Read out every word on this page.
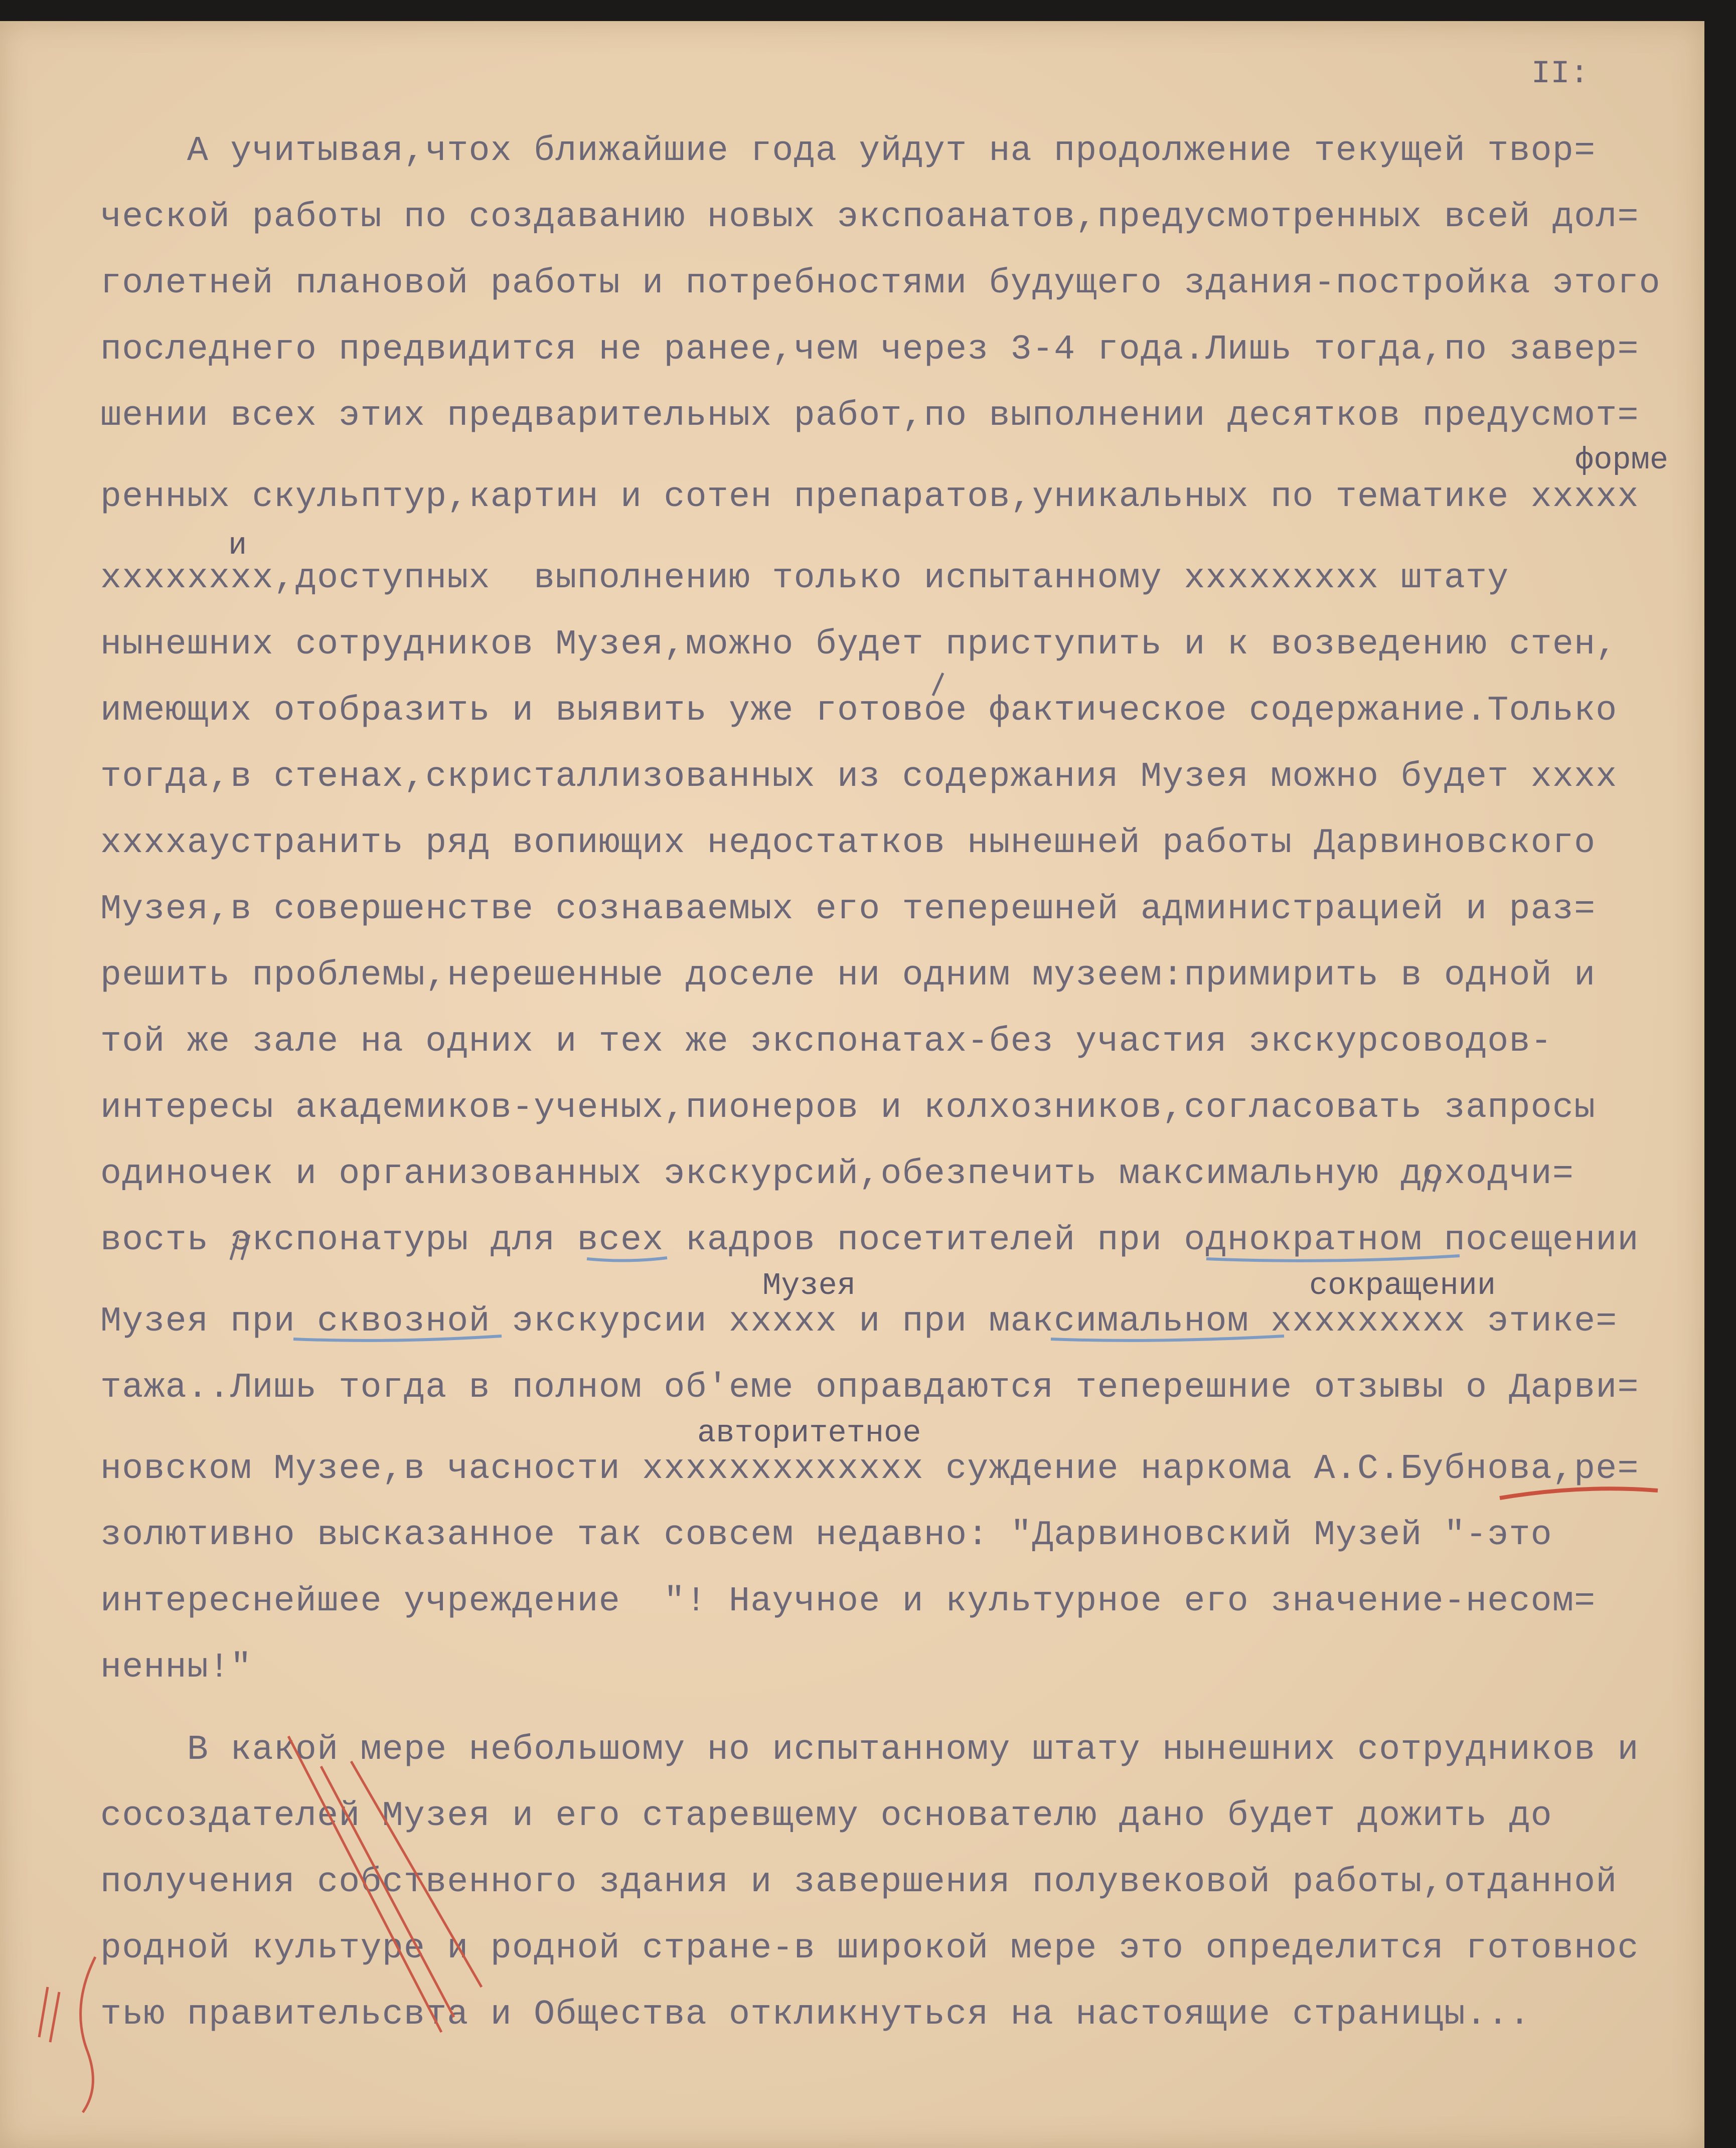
II:
А учитывая,чтоx ближайшие года уйдут на продолжение текущей твор=
ческой работы по создаванию новых экспоанатов,предусмотренных всей дол=
голетней плановой работы и потребностями будущего здания-постройка этого
последнего предвидится не ранее,чем через 3-4 года.Лишь тогда,по завер=
шении всех этих предварительных работ,по выполнении десятков предусмот=
ренных скульптур,картин и сотен препаратов,уникальных по тематике xxxxx
xxxxxxxx,доступных  выполнению только испытанному xxxxxxxxx штату
нынешних сотрудников Музея,можно будет приступить и к возведению стен,
имеющих отобразить и выявить уже готовое фактическое содержание.Только
тогда,в стенах,скристаллизованных из содержания Музея можно будет xxxx
xxxxаустранить ряд вопиющих недостатков нынешней работы Дарвиновского
Музея,в совершенстве сознаваемых его теперешней администрацией и раз=
решить проблемы,нерешенные доселе ни одним музеем:примирить в одной и
той же зале на одних и тех же экспонатах-без участия экскурсоводов-
интересы академиков-ученых,пионеров и колхозников,согласовать запросы
одиночек и организованных экскурсий,обезпечить максимальную доходчи=
вость экспонатуры для всех кадров посетителей при однократном посещении
Музея при сквозной экскурсии xxxxx и при максимальном xxxxxxxxx этике=
тажа..Лишь тогда в полном об'еме оправдаются теперешние отзывы о Дарви=
новском Музее,в часности xxxxxxxxxxxxx суждение наркома А.С.Бубнова,ре=
золютивно высказанное так совсем недавно: "Дарвиновский Музей "-это
интереснейшее учреждение  "! Научное и культурное его значение-несом=
ненны!"
В какой мере небольшому но испытанному штату нынешних сотрудников и
сосоздателей Музея и его старевщему основателю дано будет дожить до
получения собственного здания и завершения полувековой работы,отданной
родной культуре и родной стране-в широкой мере это определится готовнос
тью правительсвта и Общества откликнуться на настоящие страницы...
форме
и
Музея	сокращении
авторитетное
